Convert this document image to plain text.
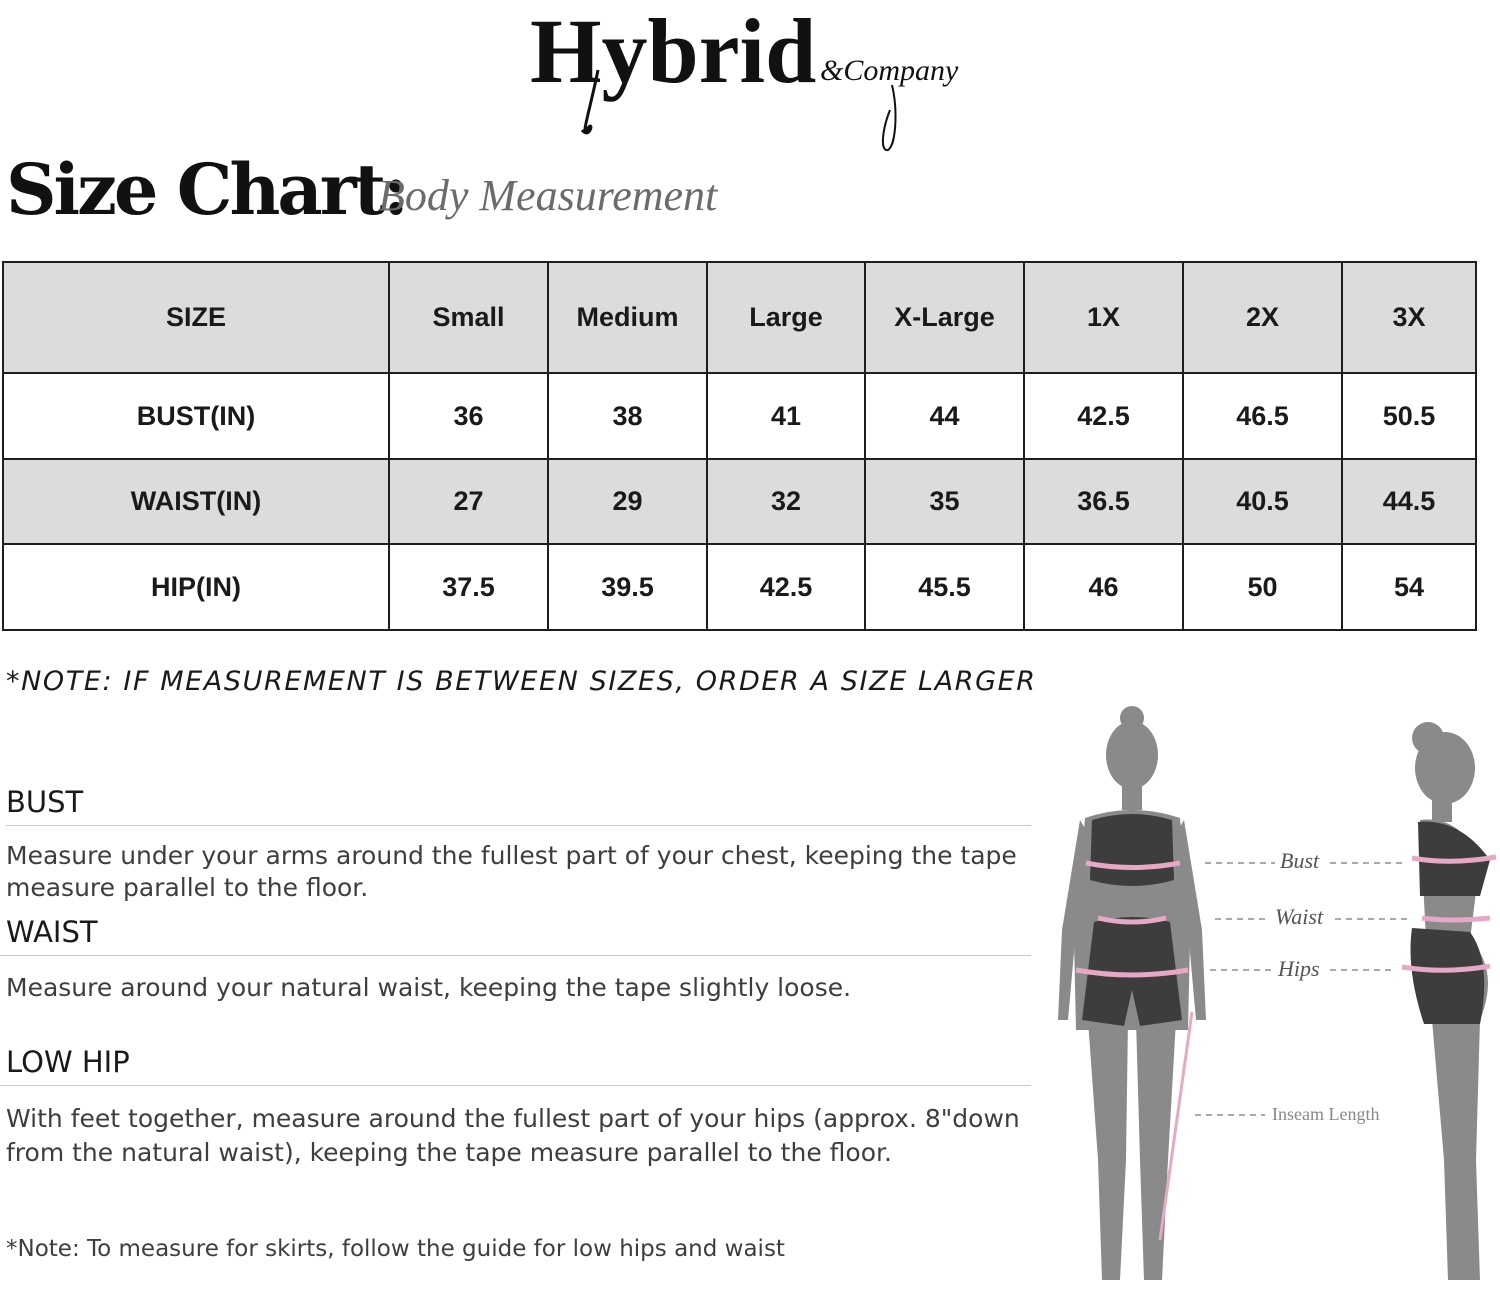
Hybrid &Company
Size Chart:
Body Measurement
SIZE	Small	Medium	Large	X-Large	1X	2X	3X
BUST(IN)	36	38	41	44	42.5	46.5	50.5
WAIST(IN)	27	29	32	35	36.5	40.5	44.5
HIP(IN)	37.5	39.5	42.5	45.5	46	50	54
*NOTE: IF MEASUREMENT IS BETWEEN SIZES, ORDER A SIZE LARGER
BUST
Measure under your arms around the fullest part of your chest, keeping the tape measure parallel to the floor.
WAIST
Measure around your natural waist, keeping the tape slightly loose.
LOW HIP
With feet together, measure around the fullest part of your hips (approx. 8"down from the natural waist), keeping the tape measure parallel to the floor.
*Note: To measure for skirts, follow the guide for low hips and waist
Bust
Waist
Hips
Inseam Length
